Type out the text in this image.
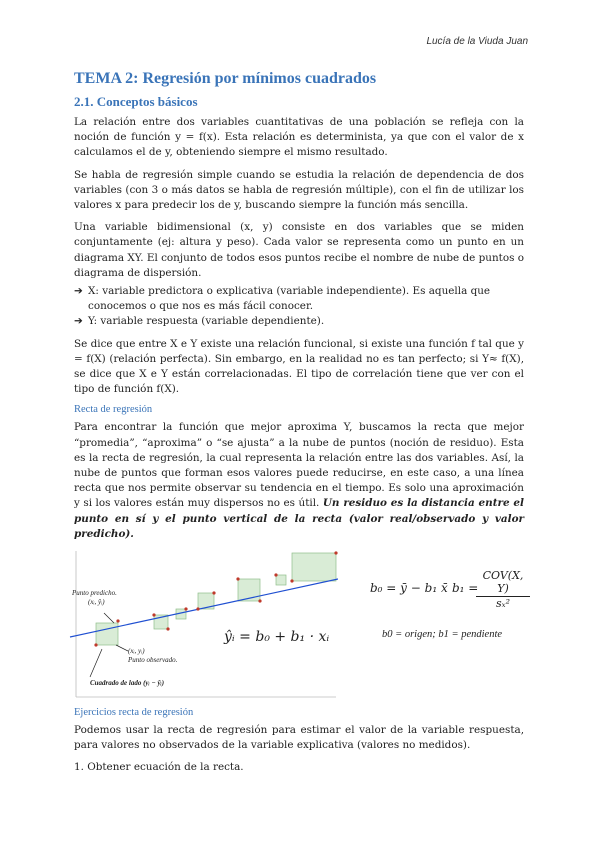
Lucía de la Viuda Juan
TEMA 2: Regresión por mínimos cuadrados
2.1. Conceptos básicos

La relación entre dos variables cuantitativas de una población se refleja con la noción de función y = f(x). Esta relación es determinista, ya que con el valor de x calculamos el de y, obteniendo siempre el mismo resultado.

Se habla de regresión simple cuando se estudia la relación de dependencia de dos variables (con 3 o más datos se habla de regresión múltiple), con el fin de utilizar los valores x para predecir los de y, buscando siempre la función más sencilla.

Una variable bidimensional (x, y) consiste en dos variables que se miden conjuntamente (ej: altura y peso). Cada valor se representa como un punto en un diagrama XY. El conjunto de todos esos puntos recibe el nombre de nube de puntos o diagrama de dispersión.

➔ X: variable predictora o explicativa (variable independiente). Es aquella que conocemos o que nos es más fácil conocer.
➔ Y: variable respuesta (variable dependiente).

Se dice que entre X e Y existe una relación funcional, si existe una función f tal que y = f(X) (relación perfecta). Sin embargo, en la realidad no es tan perfecto; si Y≈ f(X), se dice que X e Y están correlacionadas. El tipo de correlación tiene que ver con el tipo de función f(X).

Recta de regresión

Para encontrar la función que mejor aproxima Y, buscamos la recta que mejor “promedia”, “aproxima” o “se ajusta” a la nube de puntos (noción de residuo). Esta es la recta de regresión, la cual representa la relación entre las dos variables. Así, la nube de puntos que forman esos valores puede reducirse, en este caso, a una línea recta que nos permite observar su tendencia en el tiempo. Es solo una aproximación y si los valores están muy dispersos no es útil. Un residuo es la distancia entre el punto en sí y el punto vertical de la recta (valor real/observado y valor predicho).

Punto predicho.
(xᵢ, ŷᵢ)
(xᵢ, yᵢ)
Punto observado.
Cuadrado de lado (yᵢ − ŷᵢ)
ŷᵢ = b₀ + b₁ · xᵢ
b₀ = ȳ − b₁ x̄ b₁ =
COV(X, Y)
sₓ²
b0 = origen; b1 = pendiente
Ejercicios recta de regresión

Podemos usar la recta de regresión para estimar el valor de la variable respuesta, para valores no observados de la variable explicativa (valores no medidos).

1. Obtener ecuación de la recta.
